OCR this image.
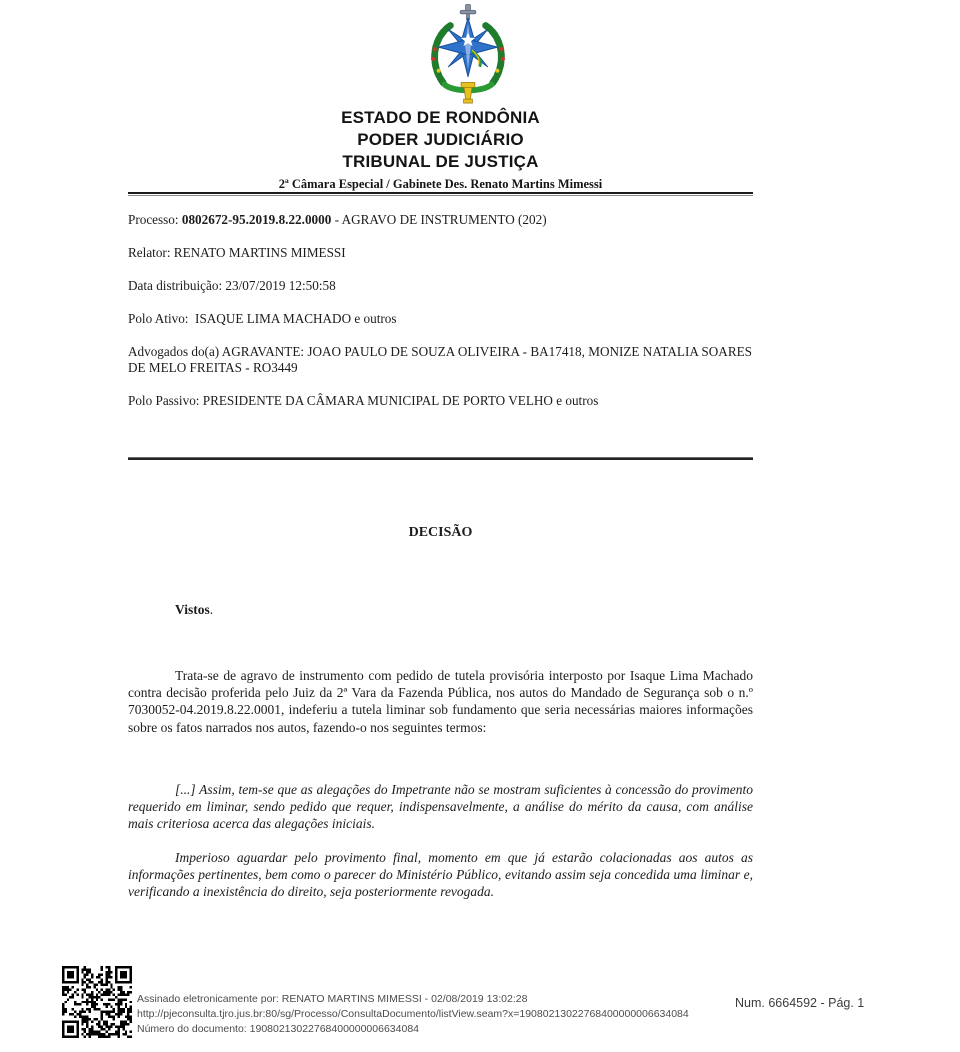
ESTADO DE RONDÔNIA
PODER JUDICIÁRIO
TRIBUNAL DE JUSTIÇA
2ª Câmara Especial / Gabinete Des. Renato Martins Mimessi

Processo: 0802672-95.2019.8.22.0000 - AGRAVO DE INSTRUMENTO (202)

Relator: RENATO MARTINS MIMESSI

Data distribuição: 23/07/2019 12:50:58

Polo Ativo:  ISAQUE LIMA MACHADO e outros

Advogados do(a) AGRAVANTE: JOAO PAULO DE SOUZA OLIVEIRA - BA17418, MONIZE NATALIA SOARES DE MELO FREITAS - RO3449

Polo Passivo: PRESIDENTE DA CÂMARA MUNICIPAL DE PORTO VELHO e outros

DECISÃO
Vistos.
Trata-se de agravo de instrumento com pedido de tutela provisória interposto por Isaque Lima Machado contra decisão proferida pelo Juiz da 2ª Vara da Fazenda Pública, nos autos do Mandado de Segurança sob o n.º 7030052-04.2019.8.22.0001, indeferiu a tutela liminar sob fundamento que seria necessárias maiores informações sobre os fatos narrados nos autos, fazendo-o nos seguintes termos:
[...] Assim, tem-se que as alegações do Impetrante não se mostram suficientes à concessão do provimento requerido em liminar, sendo pedido que requer, indispensavelmente, a análise do mérito da causa, com análise mais criteriosa acerca das alegações iniciais.
Imperioso aguardar pelo provimento final, momento em que já estarão colacionadas aos autos as informações pertinentes, bem como o parecer do Ministério Público, evitando assim seja concedida uma liminar e, verificando a inexistência do direito, seja posteriormente revogada.
Assinado eletronicamente por: RENATO MARTINS MIMESSI - 02/08/2019 13:02:28
http://pjeconsulta.tjro.jus.br:80/sg/Processo/ConsultaDocumento/listView.seam?x=19080213022768400000006634084
Número do documento: 19080213022768400000006634084
Num. 6664592 - Pág. 1
